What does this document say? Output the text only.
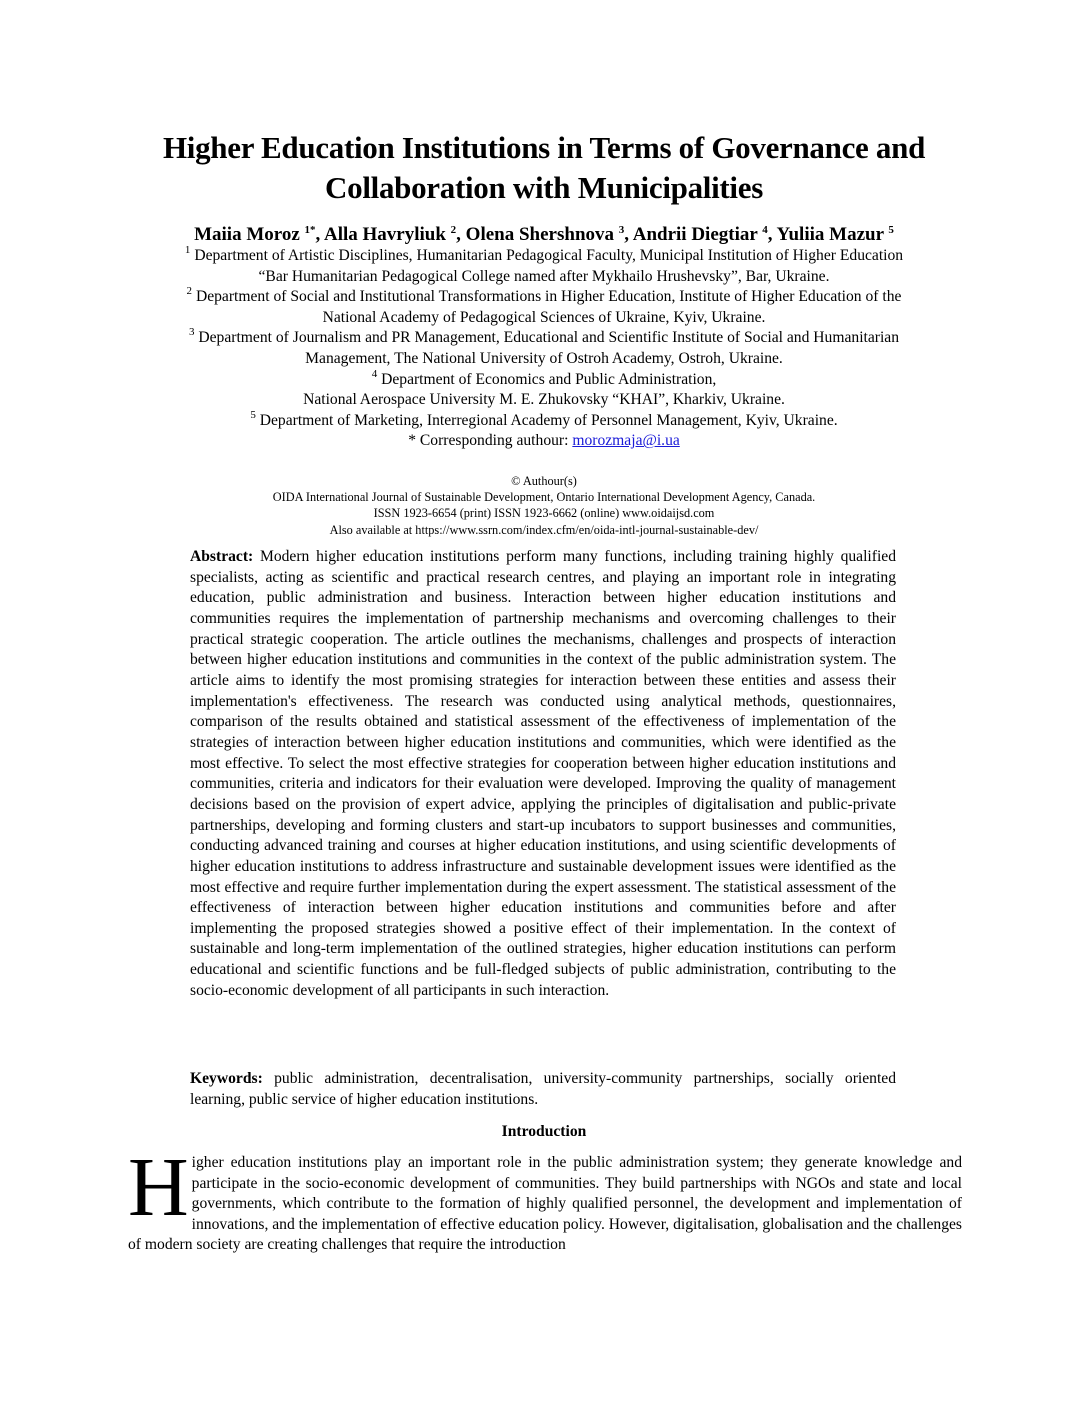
Higher Education Institutions in Terms of Governance and
Collaboration with Municipalities
Maiia Moroz $^{1*}$, Alla Havryliuk $^2$, Olena Shershnova $^3$, Andrii Diegtiar $^4$, Yuliia Mazur $^5$
$^1$ Department of Artistic Disciplines, Humanitarian Pedagogical Faculty, Municipal Institution of Higher Education
“Bar Humanitarian Pedagogical College named after Mykhailo Hrushevsky”, Bar, Ukraine.
$^2$ Department of Social and Institutional Transformations in Higher Education, Institute of Higher Education of the
National Academy of Pedagogical Sciences of Ukraine, Kyiv, Ukraine.
$^3$ Department of Journalism and PR Management, Educational and Scientific Institute of Social and Humanitarian
Management, The National University of Ostroh Academy, Ostroh, Ukraine.
$^4$ Department of Economics and Public Administration,
National Aerospace University M. E. Zhukovsky “KHAI”, Kharkiv, Ukraine.
$^5$ Department of Marketing, Interregional Academy of Personnel Management, Kyiv, Ukraine.
* Corresponding authour: morozmaja@i.ua
© Authour(s)
OIDA International Journal of Sustainable Development, Ontario International Development Agency, Canada.
ISSN 1923-6654 (print) ISSN 1923-6662 (online) www.oidaijsd.com
Also available at https://www.ssrn.com/index.cfm/en/oida-intl-journal-sustainable-dev/
Abstract: Modern higher education institutions perform many functions, including training highly qualified specialists, acting as scientific and practical research centres, and playing an important role in integrating education, public administration and business. Interaction between higher education institutions and communities requires the implementation of partnership mechanisms and overcoming challenges to their practical strategic cooperation. The article outlines the mechanisms, challenges and prospects of interaction between higher education institutions and communities in the context of the public administration system. The article aims to identify the most promising strategies for interaction between these entities and assess their implementation's effectiveness. The research was conducted using analytical methods, questionnaires, comparison of the results obtained and statistical assessment of the effectiveness of implementation of the strategies of interaction between higher education institutions and communities, which were identified as the most effective. To select the most effective strategies for cooperation between higher education institutions and communities, criteria and indicators for their evaluation were developed. Improving the quality of management decisions based on the provision of expert advice, applying the principles of digitalisation and public-private partnerships, developing and forming clusters and start-up incubators to support businesses and communities, conducting advanced training and courses at higher education institutions, and using scientific developments of higher education institutions to address infrastructure and sustainable development issues were identified as the most effective and require further implementation during the expert assessment. The statistical assessment of the effectiveness of interaction between higher education institutions and communities before and after implementing the proposed strategies showed a positive effect of their implementation. In the context of sustainable and long-term implementation of the outlined strategies, higher education institutions can perform educational and scientific functions and be full-fledged subjects of public administration, contributing to the socio-economic development of all participants in such interaction.
Keywords: public administration, decentralisation, university-community partnerships, socially oriented learning, public service of higher education institutions.
Introduction
Higher education institutions play an important role in the public administration system; they generate knowledge and participate in the socio-economic development of communities. They build partnerships with NGOs and state and local governments, which contribute to the formation of highly qualified personnel, the development and implementation of innovations, and the implementation of effective education policy. However, digitalisation, globalisation and the challenges of modern society are creating challenges that require the introduction
